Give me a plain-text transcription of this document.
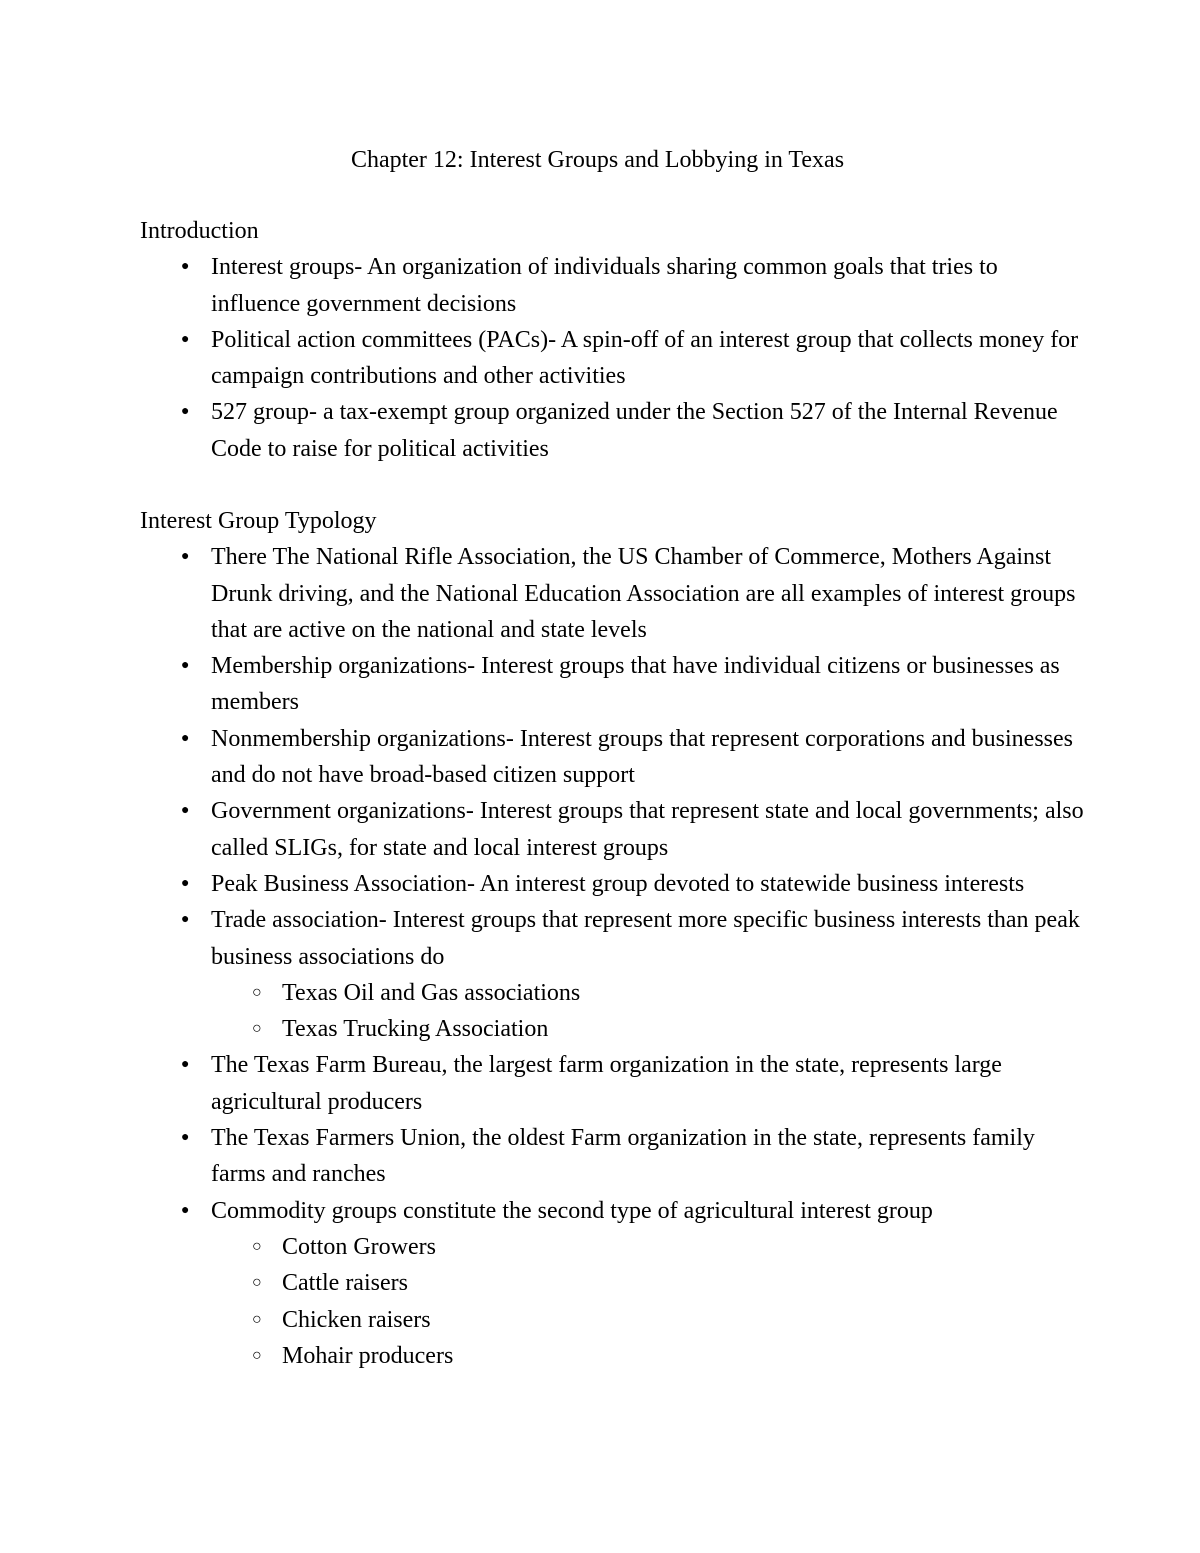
Chapter 12: Interest Groups and Lobbying in Texas
Introduction
● Interest groups- An organization of individuals sharing common goals that tries to influence government decisions
● Political action committees (PACs)- A spin-off of an interest group that collects money for campaign contributions and other activities
● 527 group- a tax-exempt group organized under the Section 527 of the Internal Revenue Code to raise for political activities
Interest Group Typology
● There The National Rifle Association, the US Chamber of Commerce, Mothers Against Drunk driving, and the National Education Association are all examples of interest groups that are active on the national and state levels
● Membership organizations- Interest groups that have individual citizens or businesses as members
● Nonmembership organizations- Interest groups that represent corporations and businesses and do not have broad-based citizen support
● Government organizations- Interest groups that represent state and local governments; also called SLIGs, for state and local interest groups
● Peak Business Association- An interest group devoted to statewide business interests
● Trade association- Interest groups that represent more specific business interests than peak business associations do
○ Texas Oil and Gas associations
○ Texas Trucking Association
● The Texas Farm Bureau, the largest farm organization in the state, represents large agricultural producers
● The Texas Farmers Union, the oldest Farm organization in the state, represents family farms and ranches
● Commodity groups constitute the second type of agricultural interest group
○ Cotton Growers
○ Cattle raisers
○ Chicken raisers
○ Mohair producers
